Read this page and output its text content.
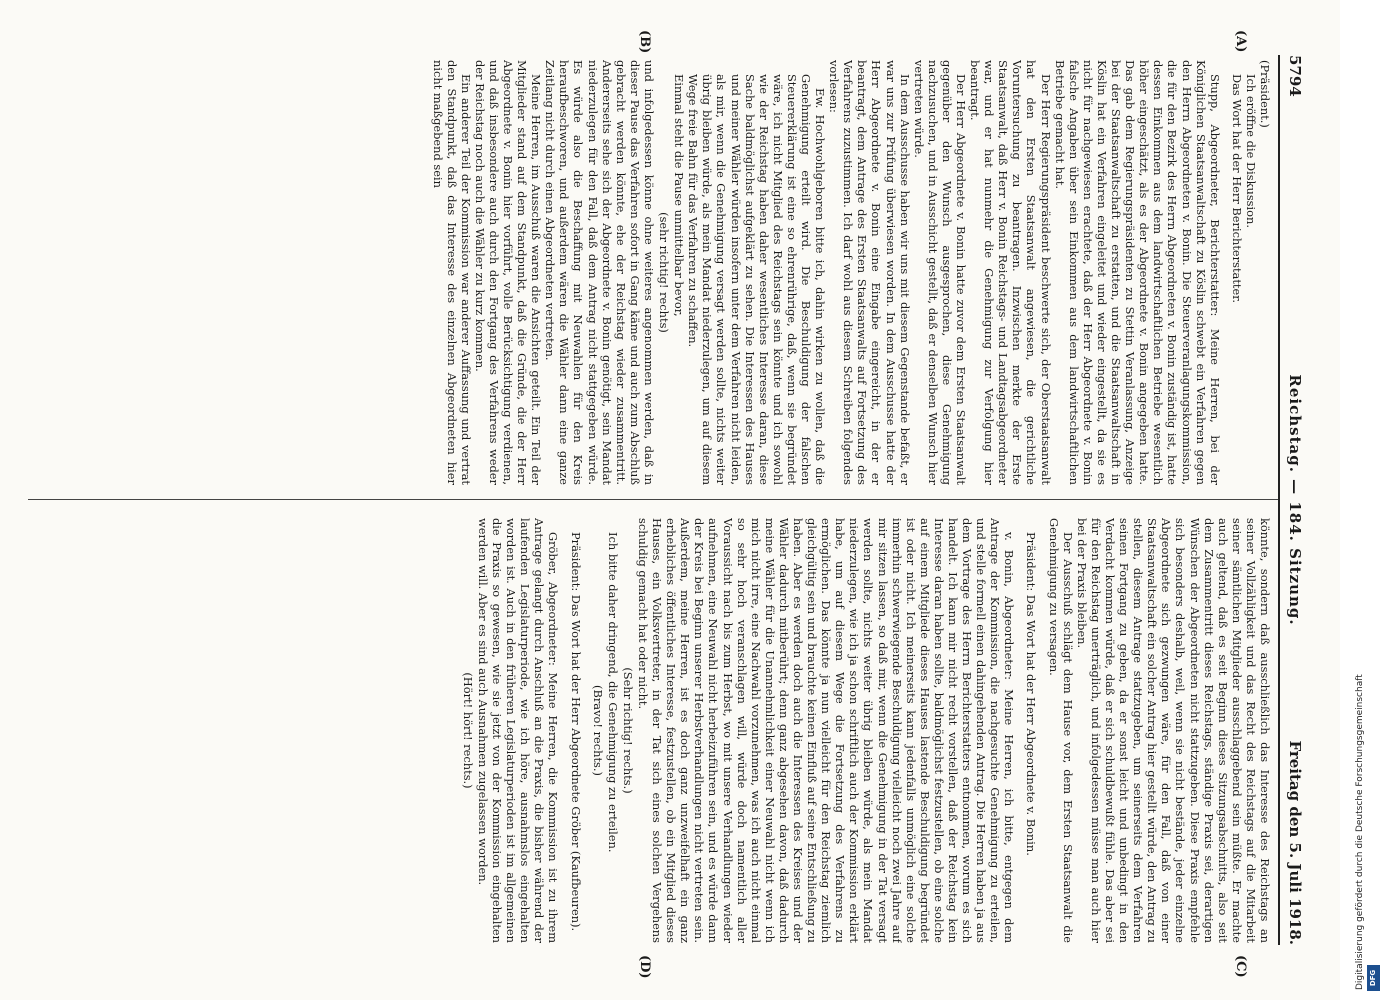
5794
Reichstag. — 184. Sitzung.
Freitag den 5. Juli 1918.
(A)
(B)
(C)
(D)

(Präsident.)

Ich eröffne die Diskussion.

Das Wort hat der Herr Berichterstatter.

Stupp, Abgeordneter, Berichterstatter: Meine Herren, bei der Königlichen Staatsanwaltschaft zu Köslin schwebt ein Verfahren gegen den Herrn Abgeordneten v. Bonin. Die Steuerveranlagungskommission, die für den Bezirk des Herrn Abgeordneten v. Bonin zuständig ist, hatte dessen Einkommen aus dem landwirtschaftlichen Betriebe wesentlich höher eingeschätzt, als es der Abgeordnete v. Bonin angegeben hatte. Das gab dem Regierungspräsidenten zu Stettin Veranlassung, Anzeige bei der Staatsanwaltschaft zu erstatten, und die Staatsanwaltschaft in Köslin hat ein Verfahren eingeleitet und wieder eingestellt, da sie es nicht für nachgewiesen erachtete, daß der Herr Abgeordnete v. Bonin falsche Angaben über sein Einkommen aus dem landwirtschaftlichen Betriebe gemacht hat.

Der Herr Regierungspräsident beschwerte sich, der Oberstaatsanwalt hat den Ersten Staatsanwalt angewiesen, die gerichtliche Voruntersuchung zu beantragen. Inzwischen merkte der Erste Staatsanwalt, daß Herr v. Bonin Reichstags- und Landtagsabgeordneter war, und er hat nunmehr die Genehmigung zur Verfolgung hier beantragt.

Der Herr Abgeordnete v. Bonin hatte zuvor dem Ersten Staatsanwalt gegenüber den Wunsch ausgesprochen, diese Genehmigung nachzusuchen, und in Ausschicht gestellt, daß er denselben Wunsch hier vertreten würde.

In dem Ausschusse haben wir uns mit diesem Gegenstande befaßt, er war uns zur Prüfung überwiesen worden. In dem Ausschusse hatte der Herr Abgeordnete v. Bonin eine Eingabe eingereicht, in der er beantragt, dem Antrage des Ersten Staatsanwalts auf Fortsetzung des Verfahrens zuzustimmen. Ich darf wohl aus diesem Schreiben folgendes vorlesen:

Ew. Hochwohlgeboren bitte ich, dahin wirken zu wollen, daß die Genehmigung erteilt wird. Die Beschuldigung der falschen Steuererklärung ist eine so ehrenrührige, daß, wenn sie begründet wäre, ich nicht Mitglied des Reichstags sein könnte und ich sowohl wie der Reichstag haben daher wesentliches Interesse daran, diese Sache baldmöglichst aufgeklärt zu sehen. Die Interessen des Hauses und meiner Wähler würden insofern unter dem Verfahren nicht leiden, als mir, wenn die Genehmigung versagt werden sollte, nichts weiter übrig bleiben würde, als mein Mandat niederzulegen, um auf diesem Wege freie Bahn für das Verfahren zu schaffen.

Einmal steht die Pause unmittelbar bevor,

(sehr richtig! rechts)

und infolgedessen könne ohne weiteres angenommen werden, daß in dieser Pause das Verfahren sofort in Gang käme und auch zum Abschluß gebracht werden könnte, ehe der Reichstag wieder zusammentritt. Andererseits sehe sich der Abgeordnete v. Bonin genötigt, sein Mandat niederzulegen für den Fall, daß dem Antrag nicht stattgegeben würde. Es würde also die Beschaffung mit Neuwahlen für den Kreis heraufbeschworen, und außerdem wären die Wähler dann eine ganze Zeitlang nicht durch einen Abgeordneten vertreten.

Meine Herren, im Ausschuß waren die Ansichten geteilt. Ein Teil der Mitglieder stand auf dem Standpunkt, daß die Gründe, die der Herr Abgeordnete v. Bonin hier vorführt, volle Berücksichtigung verdienen, und daß insbesondere auch durch den Fortgang des Verfahrens weder der Reichstag noch auch die Wähler zu kurz kommen.

Ein anderer Teil der Kommission war anderer Auffassung und vertrat den Standpunkt, daß das Interesse des einzelnen Abgeordneten hier nicht maßgebend sein

könnte, sondern daß ausschließlich das Interesse des Reichstags an seiner Vollzähligkeit und das Recht des Reichstags auf die Mitarbeit seiner sämtlichen Mitglieder ausschlaggebend sein müßte. Er machte auch geltend, daß es seit Beginn dieses Sitzungsabschnitts, also seit dem Zusammentritt dieses Reichstags, ständige Praxis sei, derartigen Wünschen der Abgeordneten nicht stattzugeben. Diese Praxis empfehle sich besonders deshalb, weil, wenn sie nicht bestände, jeder einzelne Abgeordnete sich gezwungen wäre, für den Fall, daß von einer Staatsanwaltschaft ein solcher Antrag hier gestellt würde, den Antrag zu stellen, diesem Antrage stattzugeben, um seinerseits dem Verfahren seinen Fortgang zu geben, da er sonst leicht und unbedingt in den Verdacht kommen würde, daß er sich schuldbewußt fühle. Das aber sei für den Reichstag unerträglich, und infolgedessen müsse man auch hier bei der Praxis bleiben.

Der Ausschuß schlägt dem Hause vor, dem Ersten Staatsanwalt die Genehmigung zu versagen.

Präsident: Das Wort hat der Herr Abgeordnete v. Bonin.

v. Bonin, Abgeordneter: Meine Herren, ich bitte, entgegen dem Antrage der Kommission, die nachgesuchte Genehmigung zu erteilen, und stelle formell einen dahingehenden Antrag. Die Herren haben ja aus dem Vortrage des Herrn Berichterstatters entnommen, worum es sich handelt. Ich kann mir nicht recht vorstellen, daß der Reichstag kein Interesse daran haben sollte, baldmöglichst festzustellen, ob eine solche auf einem Mitgliede dieses Hauses lastende Beschuldigung begründet ist oder nicht. Ich meinerseits kann jedenfalls unmöglich eine solche immerhin schwerwiegende Beschuldigung vielleicht noch zwei Jahre auf mir sitzen lassen, so daß mir, wenn die Genehmigung in der Tat versagt werden sollte, nichts weiter übrig bleiben würde, als mein Mandat niederzulegen, wie ich ja schon schriftlich auch der Kommission erklärt habe, um auf diesem Wege die Fortsetzung des Verfahrens zu ermöglichen. Das könnte ja nun vielleicht für den Reichstag ziemlich gleichgültig sein und brauchte keinen Einfluß auf seine Entschließung zu haben. Aber es werden doch auch die Interessen des Kreises und der Wähler dadurch mitberührt; denn ganz abgesehen davon, daß dadurch meine Wähler für die Unannehmlichkeit einer Neuwahl nicht wenn ich mich nicht irre, eine Nachwahl vorzunehmen, was ich auch nicht einmal so sehr hoch veranschlagen will, würde doch namentlich aller Voraussicht nach bis zum Herbst, wo mit unsere Verhandlungen wieder aufnehmen, eine Neuwahl nicht herbeizuführen sein, und es würde dann der Kreis bei Beginn unserer Herbstverhandlungen nicht vertreten sein. Außerdem, meine Herren, ist es doch ganz unzweifelhaft ein ganz erhebliches öffentliches Interesse, festzustellen, ob ein Mitglied dieses Hauses, ein Volksvertreter, in der Tat sich eines solchen Vergehens schuldig gemacht hat oder nicht.

(Sehr richtig! rechts.)

Ich bitte daher dringend, die Genehmigung zu erteilen.

(Bravo! rechts.)

Präsident: Das Wort hat der Herr Abgeordnete Gröber (Kaufbeuren).

Gröber, Abgeordneter: Meine Herren, die Kommission ist zu ihrem Antrage gelangt durch Anschluß an die Praxis, die bisher während der laufenden Legislaturperiode, wie ich höre, ausnahmslos eingehalten worden ist. Auch in den früheren Legislaturperioden ist im allgemeinen die Praxis so gewesen, wie sie jetzt von der Kommission eingehalten werden will. Aber es sind auch Ausnahmen zugelassen worden.

(Hört! hört! rechts.)	Digitalisierung gefördert durch die Deutsche Forschungsgemeinschaft DFG
